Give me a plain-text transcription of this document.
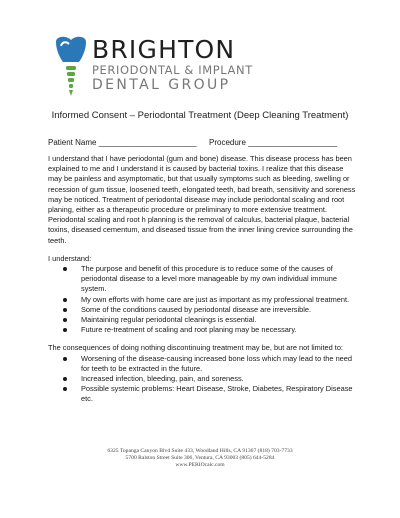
BRIGHTON
PERIODONTAL & IMPLANT
DENTAL GROUP
Informed Consent – Periodontal Treatment (Deep Cleaning Treatment)
Patient Name ______________________ Procedure ____________________

I understand that I have periodontal (gum and bone) disease. This disease process has been explained to me and I understand it is caused by bacterial toxins. I realize that this disease may be painless and asymptomatic, but that usually symptoms such as bleeding, swelling or recession of gum tissue, loosened teeth, elongated teeth, bad breath, sensitivity and soreness may be noticed. Treatment of periodontal disease may include periodontal scaling and root planing, either as a therapeutic procedure or preliminary to more extensive treatment. Periodontal scaling and root h planning is the removal of calculus, bacterial plaque, bacterial toxins, diseased cementum, and diseased tissue from the inner lining crevice surrounding the teeth.

I understand:

The purpose and benefit of this procedure is to reduce some of the causes of periodontal disease to a level more manageable by my own individual immune system.
My own efforts with home care are just as important as my professional treatment.
Some of the conditions caused by periodontal disease are irreversible.
Maintaining regular periodontal cleanings is essential.
Future re-treatment of scaling and root planing may be necessary.

The consequences of doing nothing discontinuing treatment may be, but are not limited to:

Worsening of the disease-causing increased bone loss which may lead to the need for teeth to be extracted in the future.
Increased infection, bleeding, pain, and soreness.
Possible systemic problems: Heart Disease, Stroke, Diabetes, Respiratory Disease etc.
6325 Topanga Canyon Blvd Suite 433, Woodland Hills, CA 91367 (818) 703-7733
5700 Ralston Street Suite 306, Ventura, CA 93003 (805) 644-5284
www.PERIOcalc.com
